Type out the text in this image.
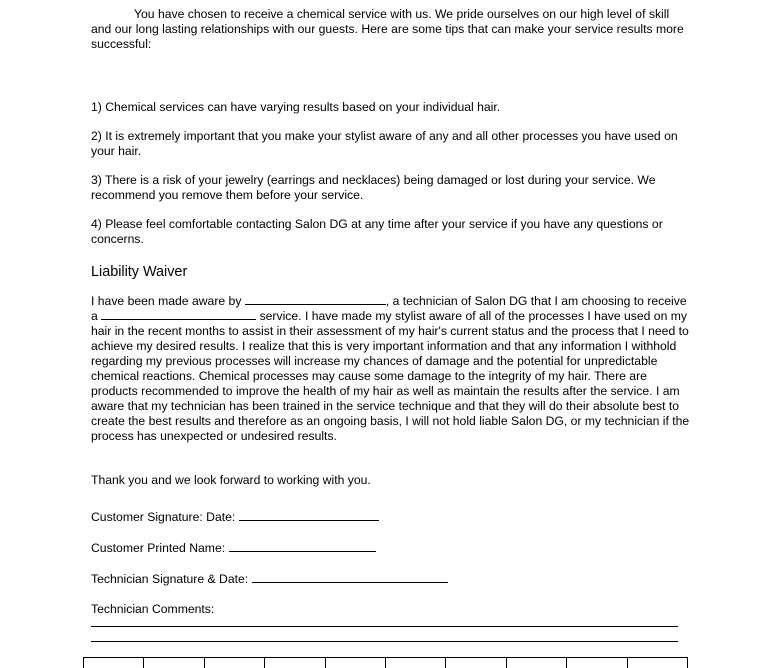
You have chosen to receive a chemical service with us. We pride ourselves on our high level of skill and our long lasting relationships with our guests. Here are some tips that can make your service results more successful:

1) Chemical services can have varying results based on your individual hair.

2) It is extremely important that you make your stylist aware of any and all other processes you have used on your hair.

3) There is a risk of your jewelry (earrings and necklaces) being damaged or lost during your service. We recommend you remove them before your service.

4) Please feel comfortable contacting Salon DG at any time after your service if you have any questions or concerns.

Liability Waiver

I have been made aware by	, a technician of Salon DG that I am choosing to receive a	service. I have made my stylist aware of all of the processes I have used on my hair in the recent months to assist in their assessment of my hair's current status and the process that I need to achieve my desired results. I realize that this is very important information and that any information I withhold regarding my previous processes will increase my chances of damage and the potential for unpredictable chemical reactions. Chemical processes may cause some damage to the integrity of my hair. There are products recommended to improve the health of my hair as well as maintain the results after the service. I am aware that my technician has been trained in the service technique and that they will do their absolute best to create the best results and therefore as an ongoing basis, I will not hold liable Salon DG, or my technician if the process has unexpected or undesired results.

Thank you and we look forward to working with you.

Customer Signature: Date:

Customer Printed Name:

Technician Signature & Date:

Technician Comments:
